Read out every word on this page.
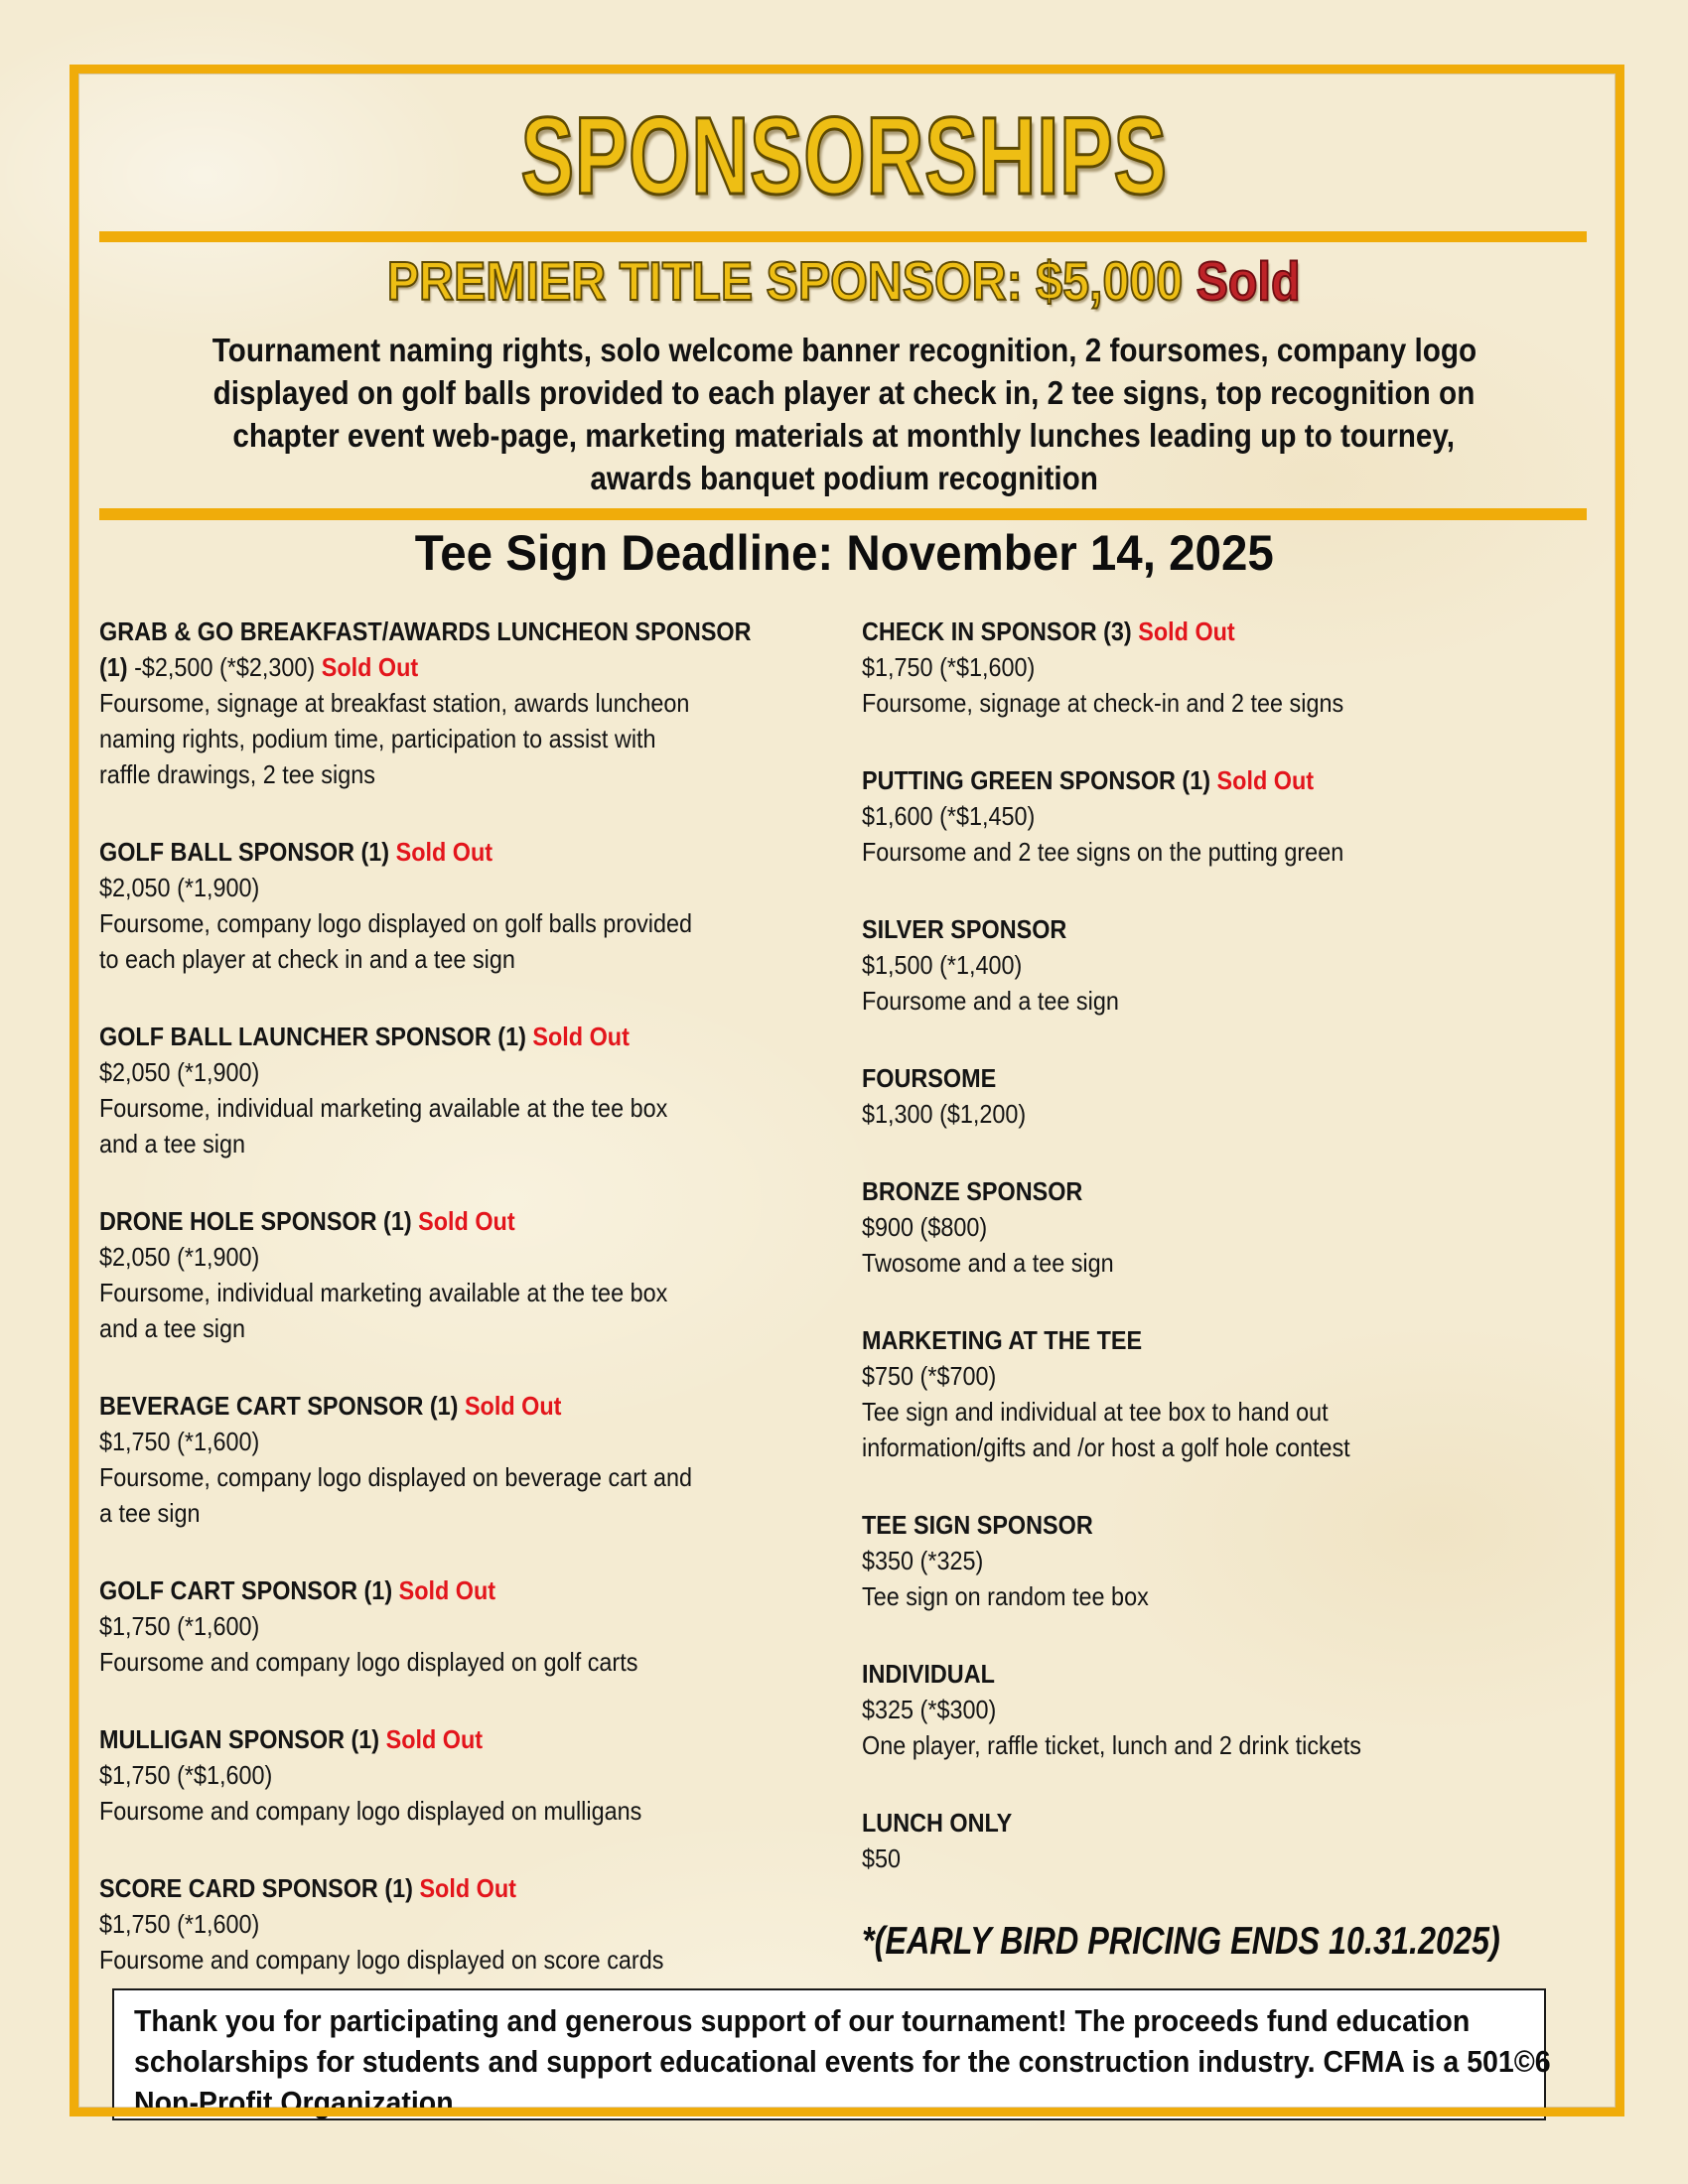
SPONSORSHIPS
PREMIER TITLE SPONSOR: $5,000 Sold
Tournament naming rights, solo welcome banner recognition, 2 foursomes, company logo
displayed on golf balls provided to each player at check in, 2 tee signs, top recognition on
chapter event web-page, marketing materials at monthly lunches leading up to tourney,
awards banquet podium recognition
Tee Sign Deadline: November 14, 2025
GRAB & GO BREAKFAST/AWARDS LUNCHEON SPONSOR
(1) -$2,500 (*$2,300) Sold Out
Foursome, signage at breakfast station, awards luncheon
naming rights, podium time, participation to assist with
raffle drawings, 2 tee signs
GOLF BALL SPONSOR (1) Sold Out
$2,050 (*1,900)
Foursome, company logo displayed on golf balls provided
to each player at check in and a tee sign
GOLF BALL LAUNCHER SPONSOR (1) Sold Out
$2,050 (*1,900)
Foursome, individual marketing available at the tee box
and a tee sign
DRONE HOLE SPONSOR (1) Sold Out
$2,050 (*1,900)
Foursome, individual marketing available at the tee box
and a tee sign
BEVERAGE CART SPONSOR (1) Sold Out
$1,750 (*1,600)
Foursome, company logo displayed on beverage cart and
a tee sign
GOLF CART SPONSOR (1) Sold Out
$1,750 (*1,600)
Foursome and company logo displayed on golf carts
MULLIGAN SPONSOR (1) Sold Out
$1,750 (*$1,600)
Foursome and company logo displayed on mulligans
SCORE CARD SPONSOR (1) Sold Out
$1,750 (*1,600)
Foursome and company logo displayed on score cards
CHECK IN SPONSOR (3) Sold Out
$1,750 (*$1,600)
Foursome, signage at check-in and 2 tee signs
PUTTING GREEN SPONSOR (1) Sold Out
$1,600 (*$1,450)
Foursome and 2 tee signs on the putting green
SILVER SPONSOR
$1,500 (*1,400)
Foursome and a tee sign
FOURSOME
$1,300 ($1,200)
BRONZE SPONSOR
$900 ($800)
Twosome and a tee sign
MARKETING AT THE TEE
$750 (*$700)
Tee sign and individual at tee box to hand out
information/gifts and /or host a golf hole contest
TEE SIGN SPONSOR
$350 (*325)
Tee sign on random tee box
INDIVIDUAL
$325 (*$300)
One player, raffle ticket, lunch and 2 drink tickets
LUNCH ONLY
$50
*(EARLY BIRD PRICING ENDS 10.31.2025)
Thank you for participating and generous support of our tournament! The proceeds fund education
scholarships for students and support educational events for the construction industry. CFMA is a 501©6
Non-Profit Organization
